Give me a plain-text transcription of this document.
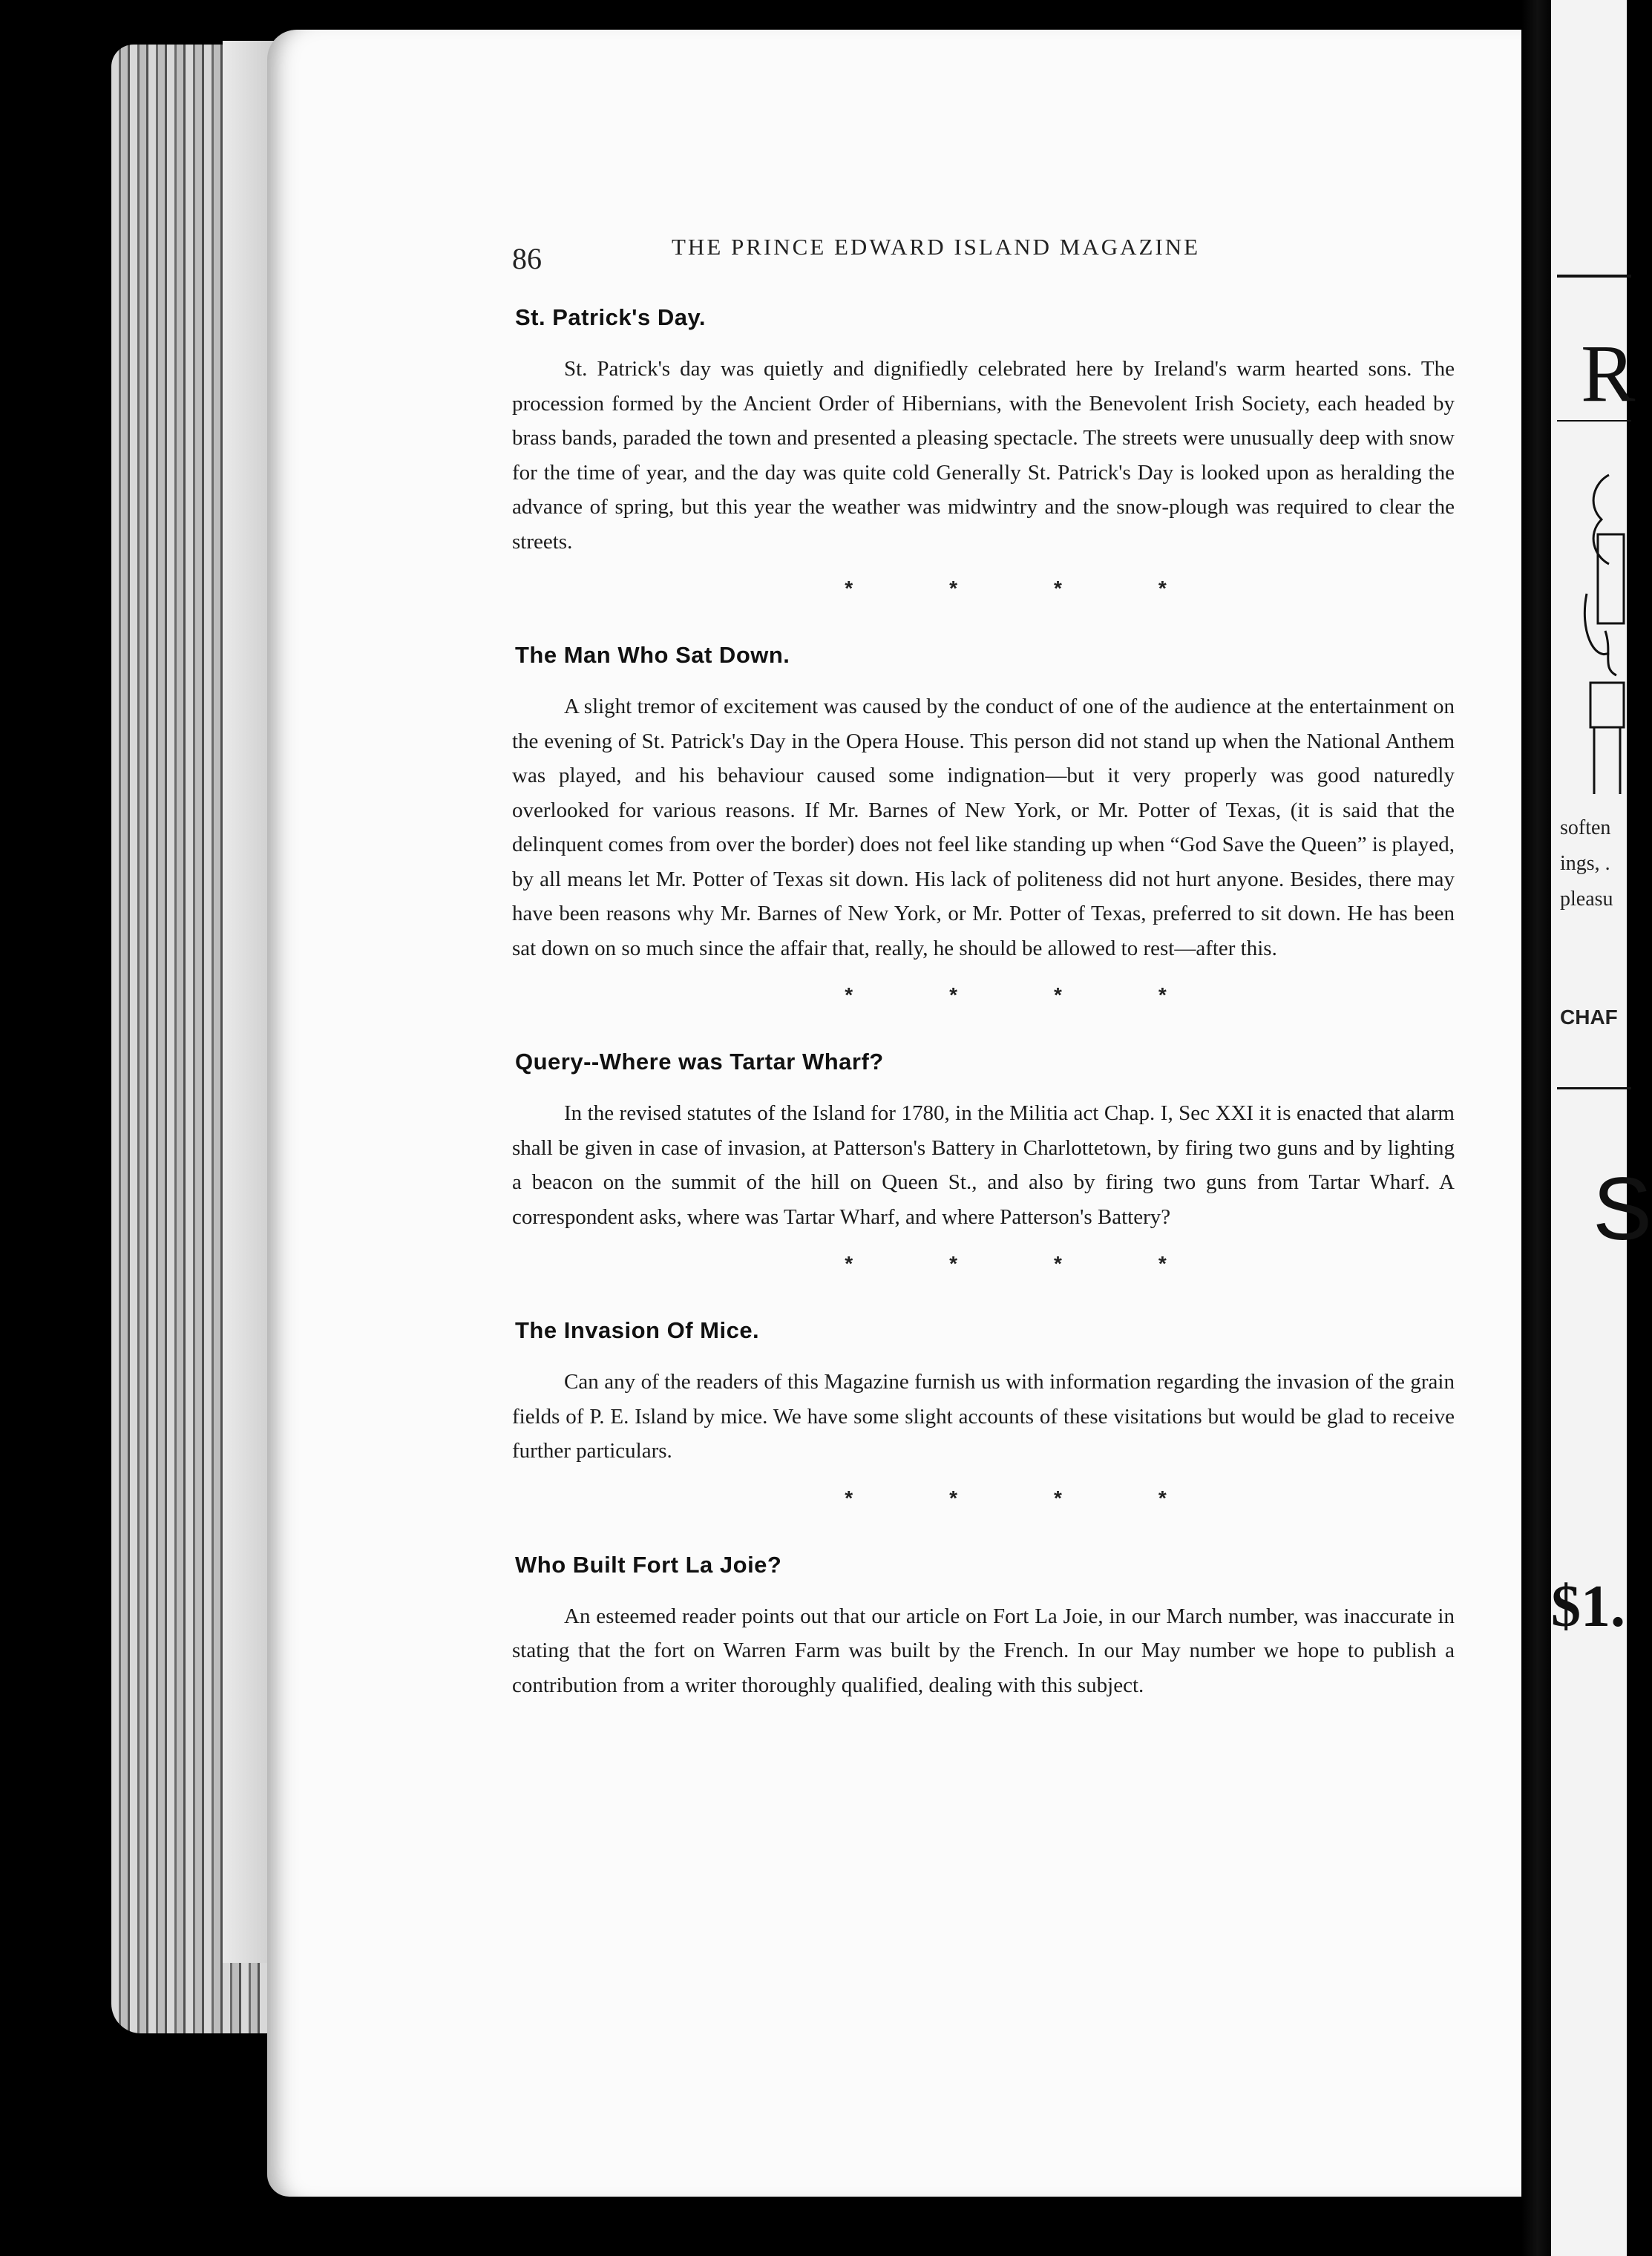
R
soften
ings, .
pleasu
CHAF
S
$1.
86	THE PRINCE EDWARD ISLAND MAGAZINE
St. Patrick's Day.

St. Patrick's day was quietly and dignifiedly celebrated here by Ireland's warm hearted sons. The procession formed by the Ancient Order of Hibernians, with the Benevolent Irish Society, each headed by brass bands, paraded the town and presented a pleasing spectacle. The streets were unusually deep with snow for the time of year, and the day was quite cold Generally St. Patrick's Day is looked upon as heralding the advance of spring, but this year the weather was midwintry and the snow-plough was required to clear the streets.

*	*	*	*
The Man Who Sat Down.

A slight tremor of excitement was caused by the conduct of one of the audience at the entertainment on the evening of St. Patrick's Day in the Opera House. This person did not stand up when the National Anthem was played, and his behaviour caused some indignation—but it very properly was good naturedly overlooked for various reasons. If Mr. Barnes of New York, or Mr. Potter of Texas, (it is said that the delinquent comes from over the border) does not feel like standing up when “God Save the Queen” is played, by all means let Mr. Potter of Texas sit down. His lack of politeness did not hurt anyone. Besides, there may have been reasons why Mr. Barnes of New York, or Mr. Potter of Texas, preferred to sit down. He has been sat down on so much since the affair that, really, he should be allowed to rest—after this.

*	*	*	*
Query--Where was Tartar Wharf?

In the revised statutes of the Island for 1780, in the Militia act Chap. I, Sec XXI it is enacted that alarm shall be given in case of invasion, at Patterson's Battery in Charlottetown, by firing two guns and by lighting a beacon on the summit of the hill on Queen St., and also by firing two guns from Tartar Wharf. A correspondent asks, where was Tartar Wharf, and where Patterson's Battery?

*	*	*	*
The Invasion Of Mice.

Can any of the readers of this Magazine furnish us with information regarding the invasion of the grain fields of P. E. Island by mice. We have some slight accounts of these visitations but would be glad to receive further particulars.

*	*	*	*
Who Built Fort La Joie?

An esteemed reader points out that our article on Fort La Joie, in our March number, was inaccurate in stating that the fort on Warren Farm was built by the French. In our May number we hope to publish a contribution from a writer thoroughly qualified, dealing with this subject.
